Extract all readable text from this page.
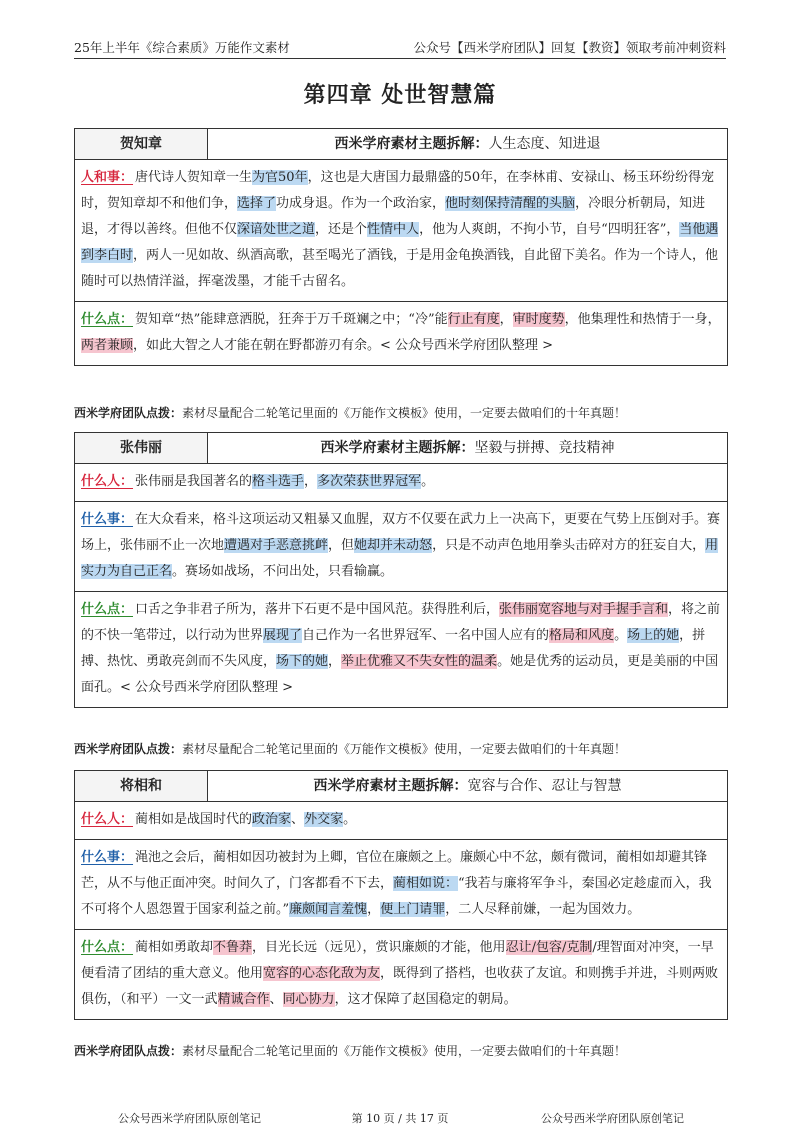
25年上半年《综合素质》万能作文素材	公众号【西米学府团队】回复【教资】领取考前冲刺资料
第四章 处世智慧篇
贺知章	西米学府素材主题拆解：人生态度、知进退
人和事： 唐代诗人贺知章一生为官50年，这也是大唐国力最鼎盛的50年，在李林甫、安禄山、杨玉环纷纷得宠时，贺知章却不和他们争，选择了功成身退。作为一个政治家，他时刻保持清醒的头脑，冷眼分析朝局，知进退，才得以善终。但他不仅深谙处世之道，还是个性情中人，他为人爽朗，不拘小节，自号“四明狂客”，当他遇到李白时，两人一见如故、纵酒高歌，甚至喝光了酒钱，于是用金龟换酒钱，自此留下美名。作为一个诗人，他随时可以热情洋溢，挥毫泼墨，才能千古留名。
什么点： 贺知章“热”能肆意洒脱，狂奔于万千斑斓之中；“冷”能行止有度，审时度势，他集理性和热情于一身，两者兼顾，如此大智之人才能在朝在野都游刃有余。< 公众号西米学府团队整理 >
西米学府团队点拨：素材尽量配合二轮笔记里面的《万能作文模板》使用，一定要去做咱们的十年真题！
张伟丽	西米学府素材主题拆解：坚毅与拼搏、竞技精神
什么人： 张伟丽是我国著名的格斗选手，多次荣获世界冠军。
什么事： 在大众看来，格斗这项运动又粗暴又血腥，双方不仅要在武力上一决高下，更要在气势上压倒对手。赛场上，张伟丽不止一次地遭遇对手恶意挑衅，但她却并未动怒，只是不动声色地用拳头击碎对方的狂妄自大，用实力为自己正名。赛场如战场，不问出处，只看输赢。
什么点： 口舌之争非君子所为，落井下石更不是中国风范。获得胜利后，张伟丽宽容地与对手握手言和，将之前的不快一笔带过，以行动为世界展现了自己作为一名世界冠军、一名中国人应有的格局和风度。场上的她，拼搏、热忱、勇敢亮剑而不失风度，场下的她，举止优雅又不失女性的温柔。她是优秀的运动员，更是美丽的中国面孔。< 公众号西米学府团队整理 >
西米学府团队点拨：素材尽量配合二轮笔记里面的《万能作文模板》使用，一定要去做咱们的十年真题！
将相和	西米学府素材主题拆解：宽容与合作、忍让与智慧
什么人： 蔺相如是战国时代的政治家、外交家。
什么事： 渑池之会后，蔺相如因功被封为上卿，官位在廉颇之上。廉颇心中不忿，颇有微词，蔺相如却避其锋芒，从不与他正面冲突。时间久了，门客都看不下去，蔺相如说：“我若与廉将军争斗，秦国必定趁虚而入，我不可将个人恩怨置于国家利益之前。”廉颇闻言羞愧，便上门请罪，二人尽释前嫌，一起为国效力。
什么点： 蔺相如勇敢却不鲁莽，目光长远（远见），赏识廉颇的才能，他用忍让/包容/克制/理智面对冲突，一早便看清了团结的重大意义。他用宽容的心态化敌为友，既得到了搭档，也收获了友谊。和则携手并进，斗则两败俱伤，（和平）一文一武精诚合作、同心协力，这才保障了赵国稳定的朝局。
西米学府团队点拨：素材尽量配合二轮笔记里面的《万能作文模板》使用，一定要去做咱们的十年真题！
公众号西米学府团队原创笔记	第 10 页 / 共 17 页	公众号西米学府团队原创笔记
